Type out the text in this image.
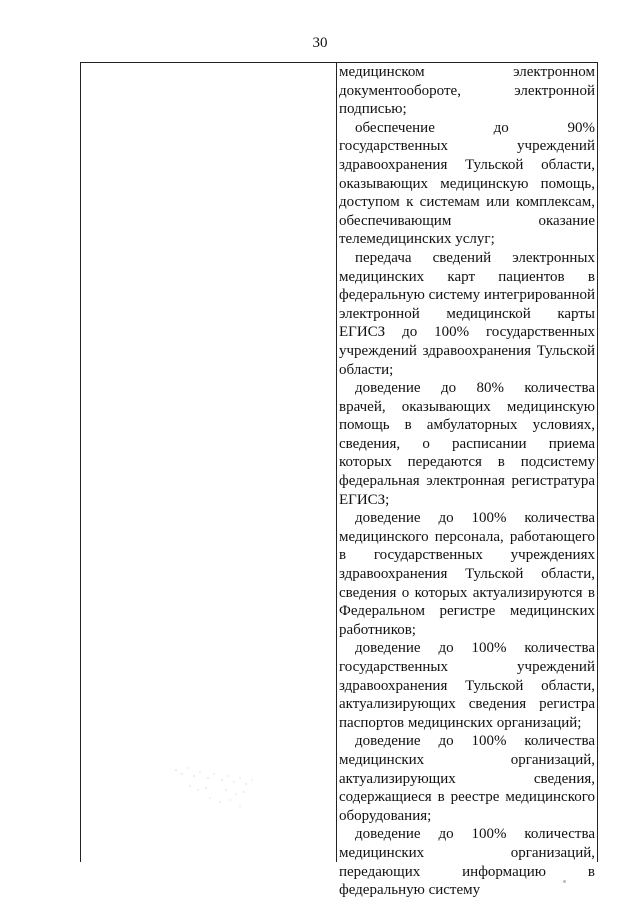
30

медицинском электронном документообороте, электронной подписью;

обеспечение до 90% государственных учреждений здравоохранения Тульской области, оказывающих медицинскую помощь, доступом к системам или комплексам, обеспечивающим оказание телемедицинских услуг;

передача сведений электронных медицинских карт пациентов в федеральную систему интегрированной электронной медицинской карты ЕГИСЗ до 100% государственных учреждений здравоохранения Тульской области;

доведение до 80% количества врачей, оказывающих медицинскую помощь в амбулаторных условиях, сведения, о расписании приема которых передаются в подсистему федеральная электронная регистратура ЕГИСЗ;

доведение до 100% количества медицинского персонала, работающего в государственных учреждениях здравоохранения Тульской области, сведения о которых актуализируются в Федеральном регистре медицинских работников;

доведение до 100% количества государственных учреждений здравоохранения Тульской области, актуализирующих сведения регистра паспортов медицинских организаций;

доведение до 100% количества медицинских организаций, актуализирующих сведения, содержащиеся в реестре медицинского оборудования;

доведение до 100% количества медицинских организаций, передающих информацию в федеральную систему
